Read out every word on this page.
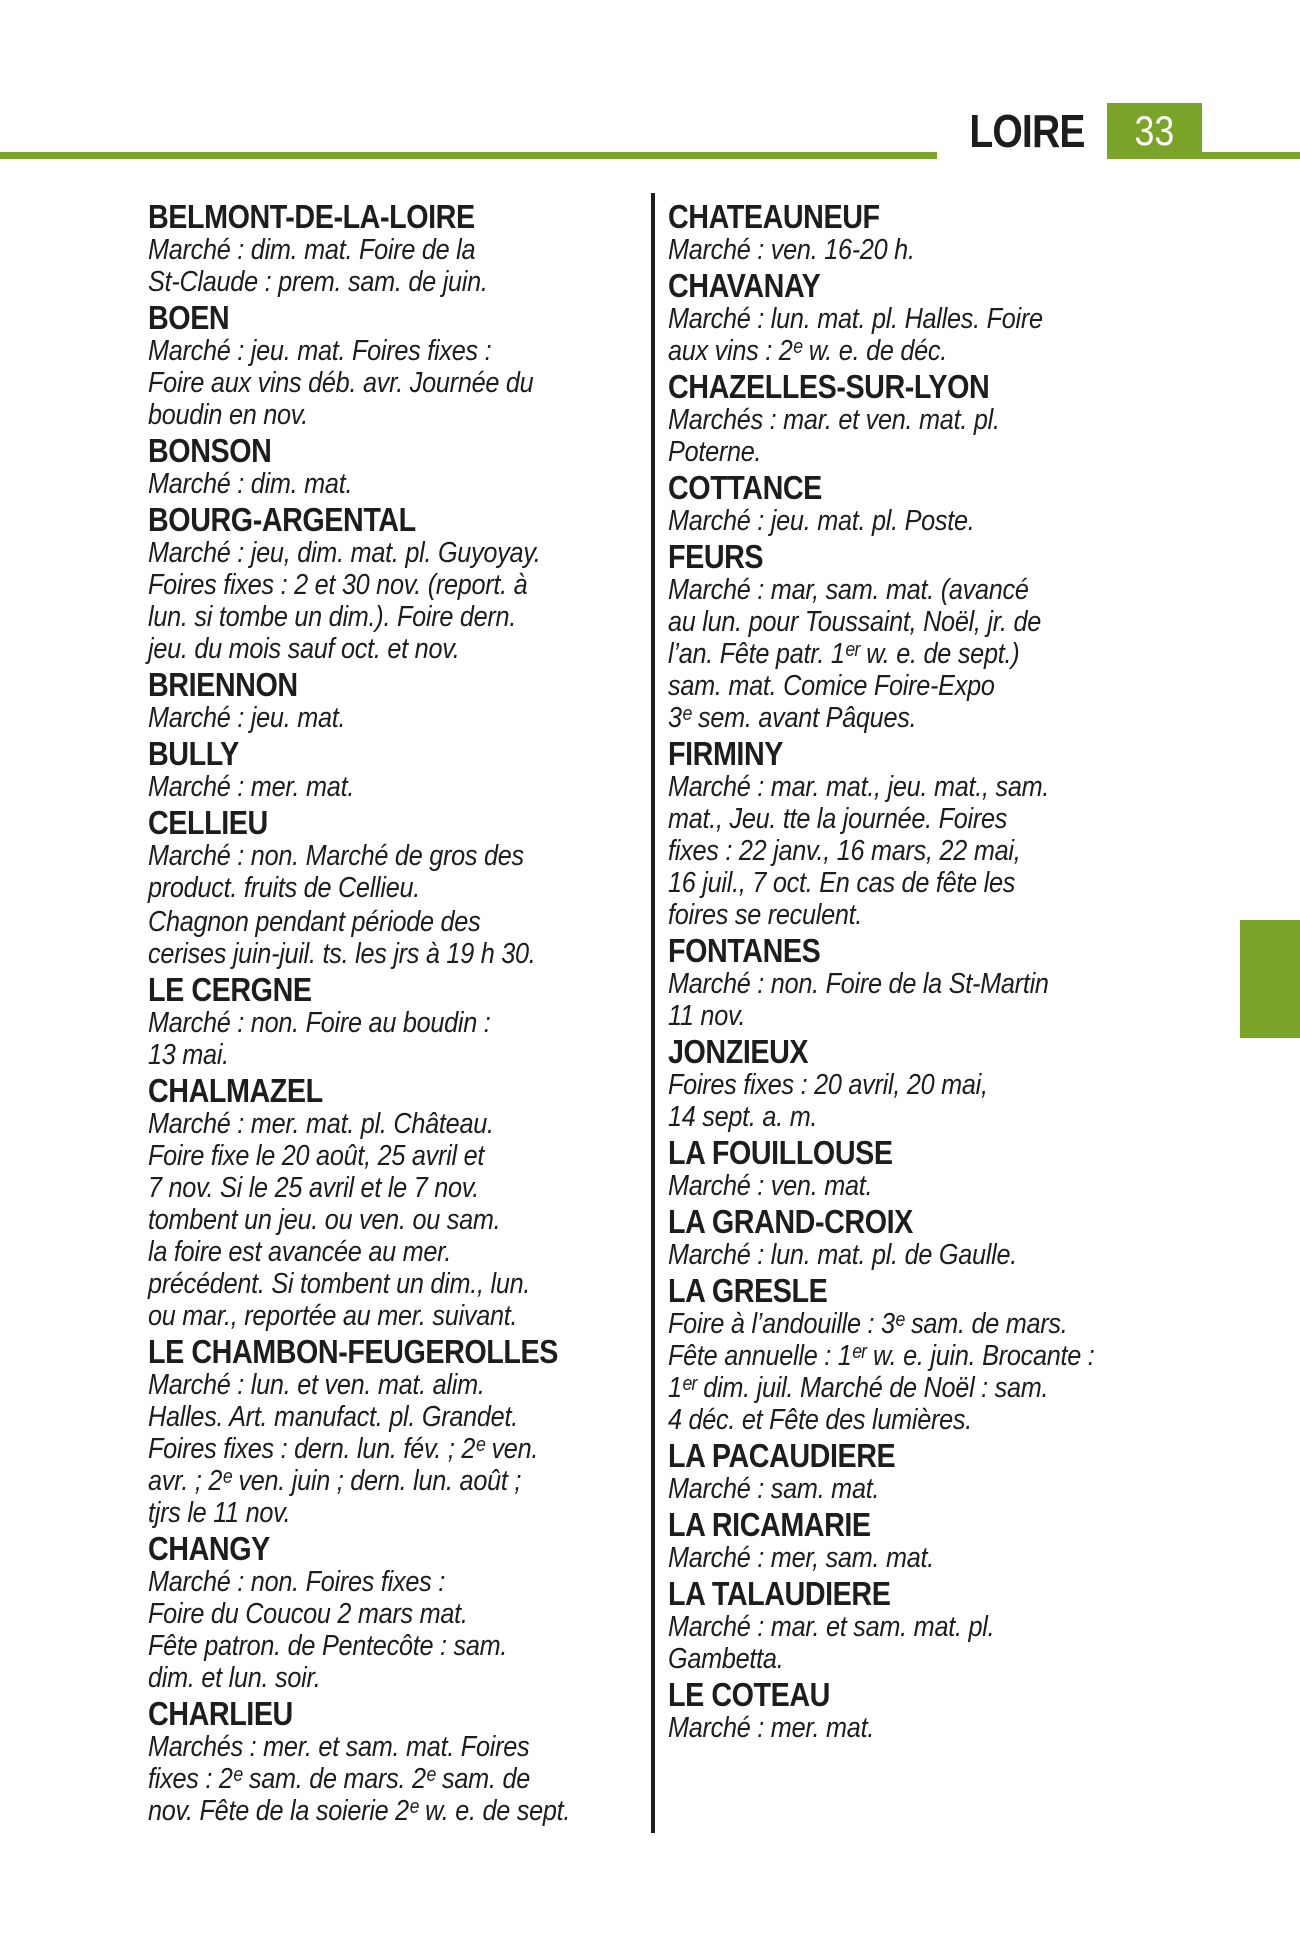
LOIRE 33
BELMONT-DE-LA-LOIRE

Marché : dim. mat. Foire de la
St-Claude : prem. sam. de juin.

BOEN

Marché : jeu. mat. Foires fixes :
Foire aux vins déb. avr. Journée du
boudin en nov.

BONSON

Marché : dim. mat.

BOURG-ARGENTAL

Marché : jeu, dim. mat. pl. Guyoyay.
Foires fixes : 2 et 30 nov. (report. à
lun. si tombe un dim.). Foire dern.
jeu. du mois sauf oct. et nov.

BRIENNON

Marché : jeu. mat.

BULLY

Marché : mer. mat.

CELLIEU

Marché : non. Marché de gros des
product. fruits de Cellieu.

Chagnon pendant période des
cerises juin-juil. ts. les jrs à 19 h 30.

LE CERGNE

Marché : non. Foire au boudin :
13 mai.

CHALMAZEL

Marché : mer. mat. pl. Château.
Foire fixe le 20 août, 25 avril et
7 nov. Si le 25 avril et le 7 nov.
tombent un jeu. ou ven. ou sam.
la foire est avancée au mer.
précédent. Si tombent un dim., lun.
ou mar., reportée au mer. suivant.

LE CHAMBON-FEUGEROLLES

Marché : lun. et ven. mat. alim.
Halles. Art. manufact. pl. Grandet.
Foires fixes : dern. lun. fév. ; 2ᵉ ven.
avr. ; 2ᵉ ven. juin ; dern. lun. août ;
tjrs le 11 nov.

CHANGY

Marché : non. Foires fixes :
Foire du Coucou 2 mars mat.
Fête patron. de Pentecôte : sam.
dim. et lun. soir.

CHARLIEU

Marchés : mer. et sam. mat. Foires
fixes : 2ᵉ sam. de mars. 2ᵉ sam. de
nov. Fête de la soierie 2ᵉ w. e. de sept.

CHATEAUNEUF

Marché : ven. 16-20 h.

CHAVANAY

Marché : lun. mat. pl. Halles. Foire
aux vins : 2ᵉ w. e. de déc.

CHAZELLES-SUR-LYON

Marchés : mar. et ven. mat. pl.
Poterne.

COTTANCE

Marché : jeu. mat. pl. Poste.

FEURS

Marché : mar, sam. mat. (avancé
au lun. pour Toussaint, Noël, jr. de
l’an. Fête patr. 1ᵉʳ w. e. de sept.)
sam. mat. Comice Foire-Expo
3ᵉ sem. avant Pâques.

FIRMINY

Marché : mar. mat., jeu. mat., sam.
mat., Jeu. tte la journée. Foires
fixes : 22 janv., 16 mars, 22 mai,
16 juil., 7 oct. En cas de fête les
foires se reculent.

FONTANES

Marché : non. Foire de la St-Martin
11 nov.

JONZIEUX

Foires fixes : 20 avril, 20 mai,
14 sept. a. m.

LA FOUILLOUSE

Marché : ven. mat.

LA GRAND-CROIX

Marché : lun. mat. pl. de Gaulle.

LA GRESLE

Foire à l’andouille : 3ᵉ sam. de mars.
Fête annuelle : 1ᵉʳ w. e. juin. Brocante :
1ᵉʳ dim. juil. Marché de Noël : sam.
4 déc. et Fête des lumières.

LA PACAUDIERE

Marché : sam. mat.

LA RICAMARIE

Marché : mer, sam. mat.

LA TALAUDIERE

Marché : mar. et sam. mat. pl.
Gambetta.

LE COTEAU

Marché : mer. mat.
